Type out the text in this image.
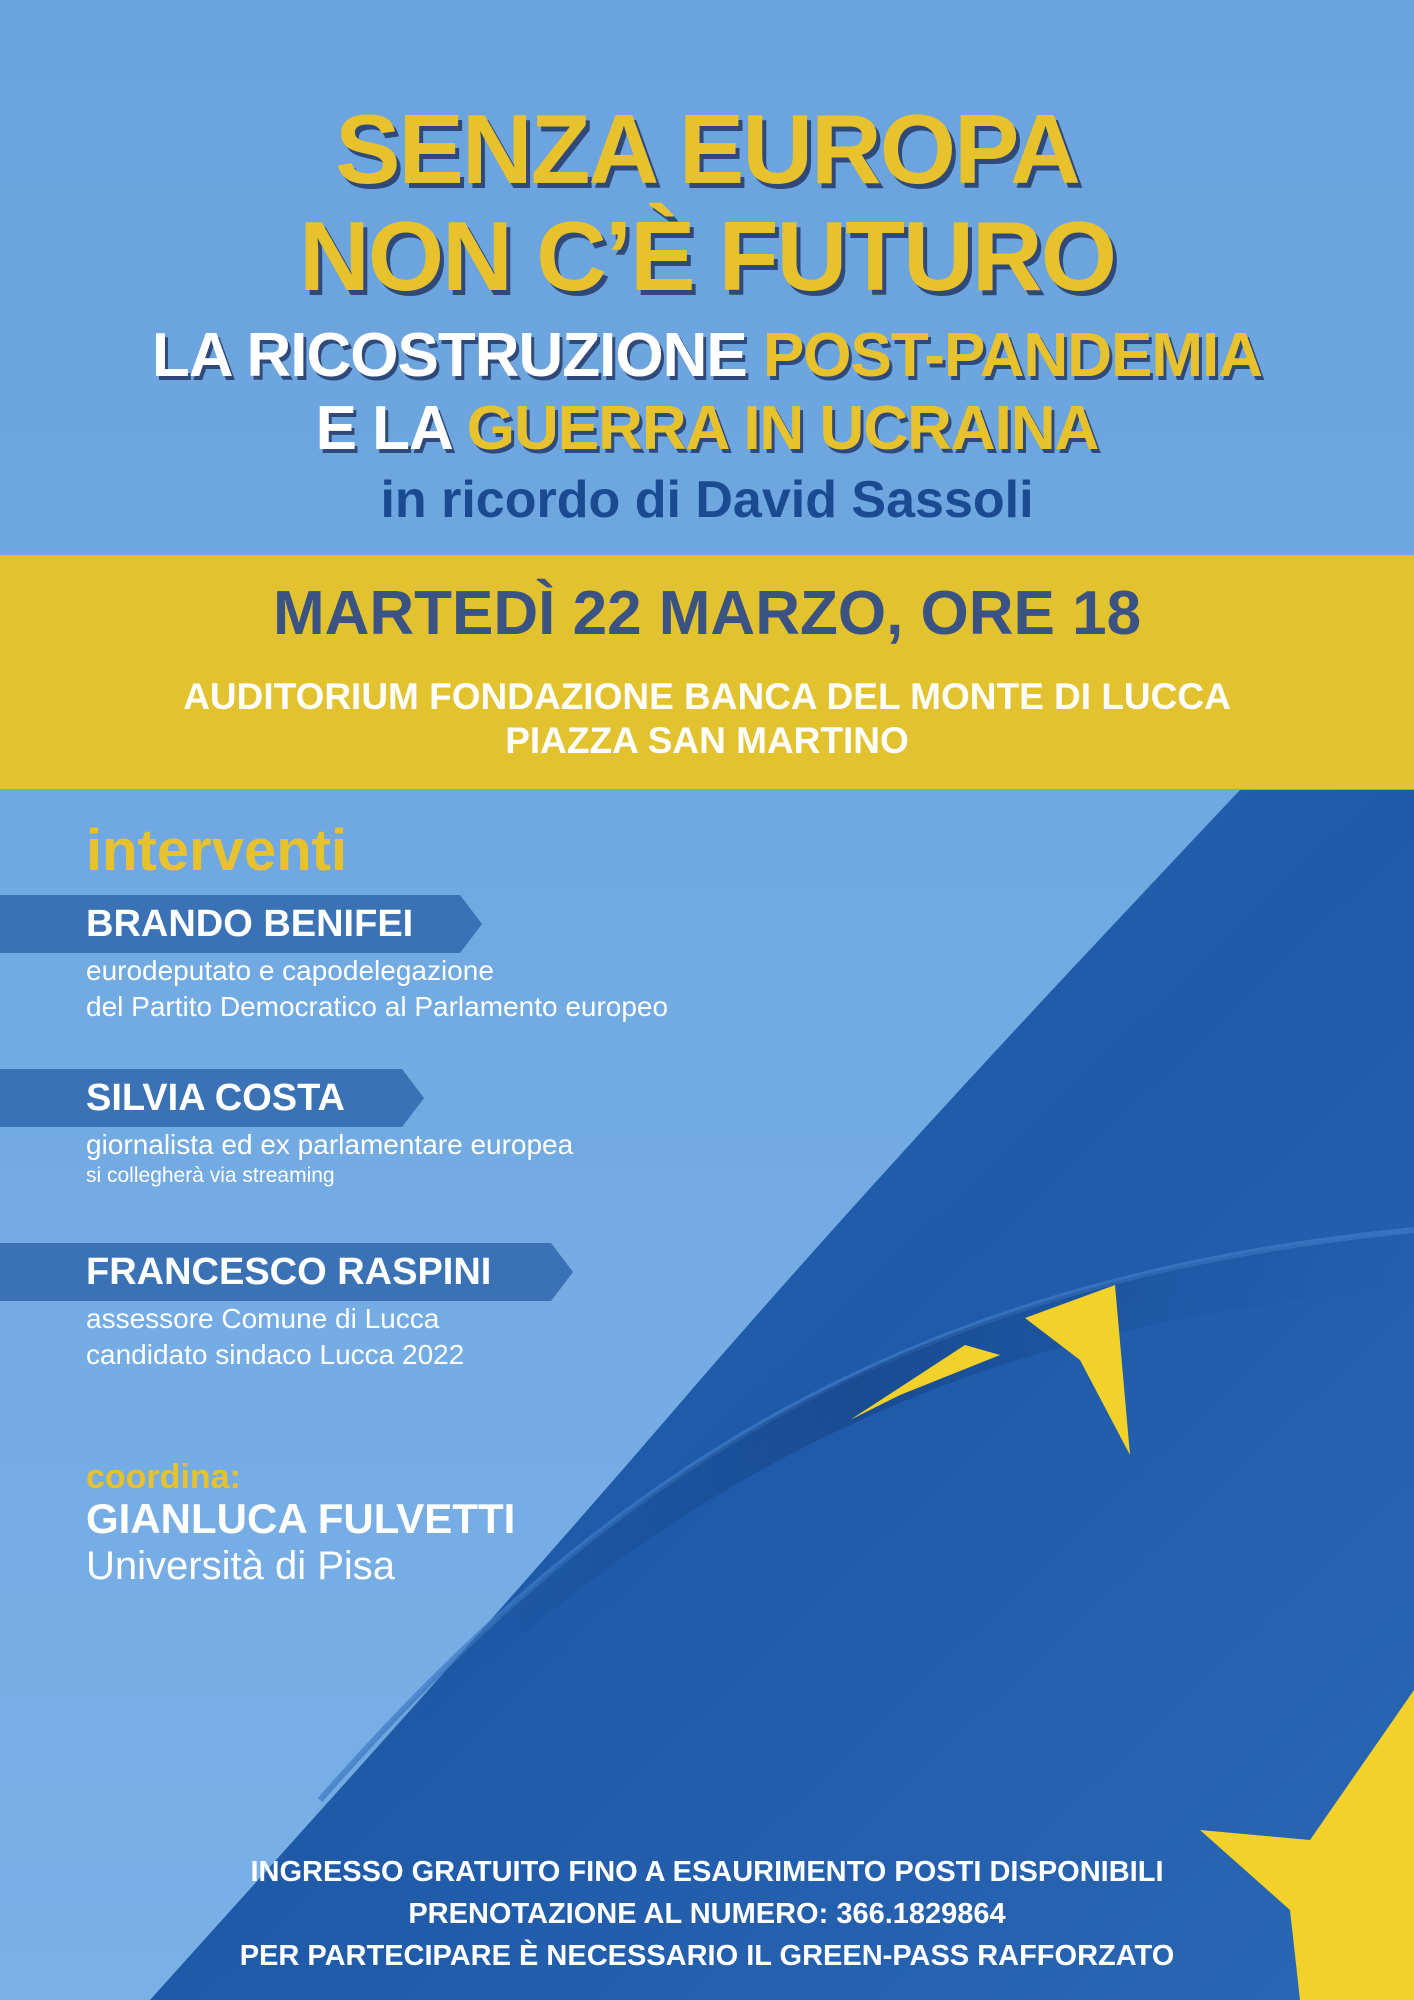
SENZA EUROPA
NON C’È FUTURO
LA RICOSTRUZIONE POST-PANDEMIA
E LA GUERRA IN UCRAINA
in ricordo di David Sassoli
MARTEDÌ 22 MARZO, ORE 18
AUDITORIUM FONDAZIONE BANCA DEL MONTE DI LUCCA
PIAZZA SAN MARTINO
interventi
BRANDO BENIFEI
eurodeputato e capodelegazione
del Partito Democratico al Parlamento europeo
SILVIA COSTA
giornalista ed ex parlamentare europea
si collegherà via streaming
FRANCESCO RASPINI
assessore Comune di Lucca
candidato sindaco Lucca 2022
coordina:
GIANLUCA FULVETTI
Università di Pisa
INGRESSO GRATUITO FINO A ESAURIMENTO POSTI DISPONIBILI
PRENOTAZIONE AL NUMERO: 366.1829864
PER PARTECIPARE È NECESSARIO IL GREEN-PASS RAFFORZATO
